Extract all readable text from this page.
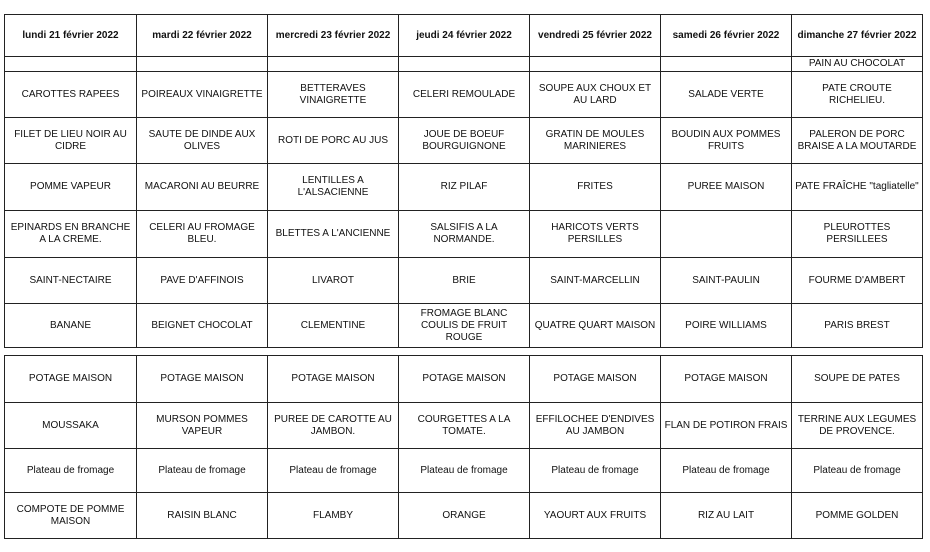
lundi 21 février 2022	mardi 22 février 2022	mercredi 23 février 2022	jeudi 24 février 2022	vendredi 25 février 2022	samedi 26 février 2022	dimanche 27 février 2022
						PAIN AU CHOCOLAT
CAROTTES RAPEES	POIREAUX VINAIGRETTE	BETTERAVES VINAIGRETTE	CELERI REMOULADE	SOUPE AUX CHOUX ET AU LARD	SALADE VERTE	PATE CROUTE RICHELIEU.
FILET DE LIEU NOIR AU CIDRE	SAUTE DE DINDE AUX OLIVES	ROTI DE PORC AU JUS	JOUE DE BOEUF BOURGUIGNONE	GRATIN DE MOULES MARINIERES	BOUDIN AUX POMMES FRUITS	PALERON DE PORC BRAISE A LA MOUTARDE
POMME VAPEUR	MACARONI AU BEURRE	LENTILLES A L'ALSACIENNE	RIZ PILAF	FRITES	PUREE MAISON	PATE FRAÎCHE "tagliatelle"
EPINARDS EN BRANCHE A LA CREME.	CELERI AU FROMAGE BLEU.	BLETTES A L'ANCIENNE	SALSIFIS A LA NORMANDE.	HARICOTS VERTS PERSILLES		PLEUROTTES PERSILLEES
SAINT-NECTAIRE	PAVE D'AFFINOIS	LIVAROT	BRIE	SAINT-MARCELLIN	SAINT-PAULIN	FOURME D'AMBERT
BANANE	BEIGNET CHOCOLAT	CLEMENTINE	FROMAGE BLANC COULIS DE FRUIT ROUGE	QUATRE QUART MAISON	POIRE WILLIAMS	PARIS BREST
POTAGE MAISON	POTAGE MAISON	POTAGE MAISON	POTAGE MAISON	POTAGE MAISON	POTAGE MAISON	SOUPE DE PATES
MOUSSAKA	MURSON POMMES VAPEUR	PUREE DE CAROTTE AU JAMBON.	COURGETTES A LA TOMATE.	EFFILOCHEE D'ENDIVES AU JAMBON	FLAN DE POTIRON FRAIS	TERRINE AUX LEGUMES DE PROVENCE.
Plateau de fromage	Plateau de fromage	Plateau de fromage	Plateau de fromage	Plateau de fromage	Plateau de fromage	Plateau de fromage
COMPOTE DE POMME MAISON	RAISIN BLANC	FLAMBY	ORANGE	YAOURT AUX FRUITS	RIZ AU LAIT	POMME GOLDEN
